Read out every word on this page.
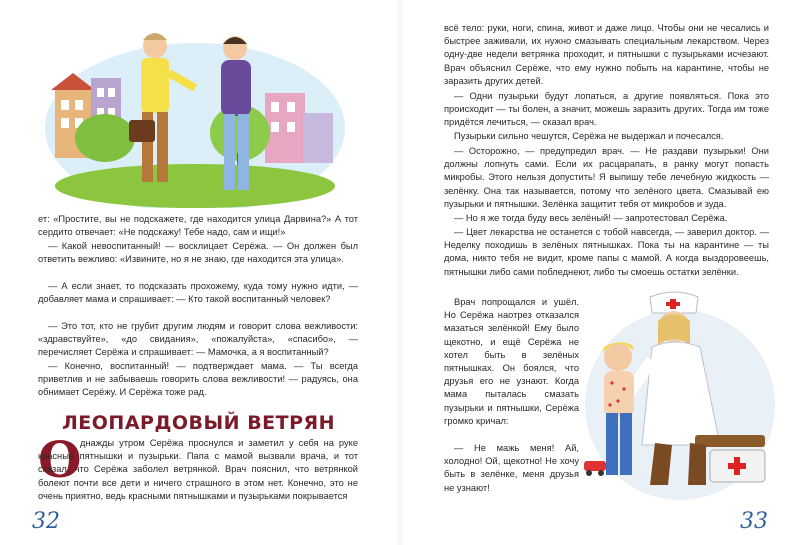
ет: «Простите, вы не подскажете, где находится улица Дарвина?» А тот сердито отвечает: «Не подскажу! Тебе надо, сам и ищи!»

— Какой невоспитанный! — восклицает Серёжа. — Он должен был ответить вежливо: «Извините, но я не знаю, где находится эта улица».

— А если знает, то подсказать прохожему, куда тому нужно идти, — добавляет мама и спрашивает: — Кто такой воспитанный человек?

— Это тот, кто не грубит другим людям и говорит слова вежливости: «здравствуйте», «до свидания», «пожалуйста», «спасибо», — перечисляет Серёжа и спрашивает: — Мамочка, а я воспитанный?

— Конечно, воспитанный! — подтверждает мама. — Ты всегда приветлив и не забываешь говорить слова вежливости! — радуясь, она обнимает Серёжу. И Серёжа тоже рад.

ЛЕОПАРДОВЫЙ ВЕТРЯН
О

днажды утром Серёжа проснулся и заметил у себя на руке красные пятнышки и пузырьки. Папа с мамой вызвали врача, и тот сказал, что Серёжа заболел ветрянкой. Врач пояснил, что ветрянкой болеют почти все дети и ничего страшного в этом нет. Конечно, это не очень приятно, ведь красными пятнышками и пузырьками покрывается

32

всё тело: руки, ноги, спина, живот и даже лицо. Чтобы они не чесались и быстрее заживали, их нужно смазывать специальным лекарством. Через одну-две недели ветрянка проходит, и пятнышки с пузырьками исчезают. Врач объяснил Серёже, что ему нужно побыть на карантине, чтобы не заразить других детей.

— Одни пузырьки будут лопаться, а другие появляться. Пока это происходит — ты болен, а значит, можешь заразить других. Тогда им тоже придётся лечиться, — сказал врач.

Пузырьки сильно чешутся, Серёжа не выдержал и почесался.

— Осторожно, — предупредил врач. — Не раздави пузырьки! Они должны лопнуть сами. Если их расцарапать, в ранку могут попасть микробы. Этого нельзя допустить! Я выпишу тебе лечебную жидкость — зелёнку. Она так называется, потому что зелёного цвета. Смазывай ею пузырьки и пятнышки. Зелёнка защитит тебя от микробов и зуда.

— Но я же тогда буду весь зелёный! — запротестовал Серёжа.

— Цвет лекарства не останется с тобой навсегда, — заверил доктор. — Неделку походишь в зелёных пятнышках. Пока ты на карантине — ты дома, никто тебя не видит, кроме папы с мамой. А когда выздоровеешь, пятнышки либо сами побледнеют, либо ты смоешь остатки зелёнки.

Врач попрощался и ушёл. Но Серёжа наотрез отказался мазаться зелёнкой! Ему было щекотно, и ещё Серёжа не хотел быть в зелёных пятнышках. Он боялся, что друзья его не узнают. Когда мама пыталась смазать пузырьки и пятнышки, Серёжа громко кричал:

— Не мажь меня! Ай, холодно! Ой, щекотно! Не хочу быть в зелёнке, меня друзья не узнают!

33
